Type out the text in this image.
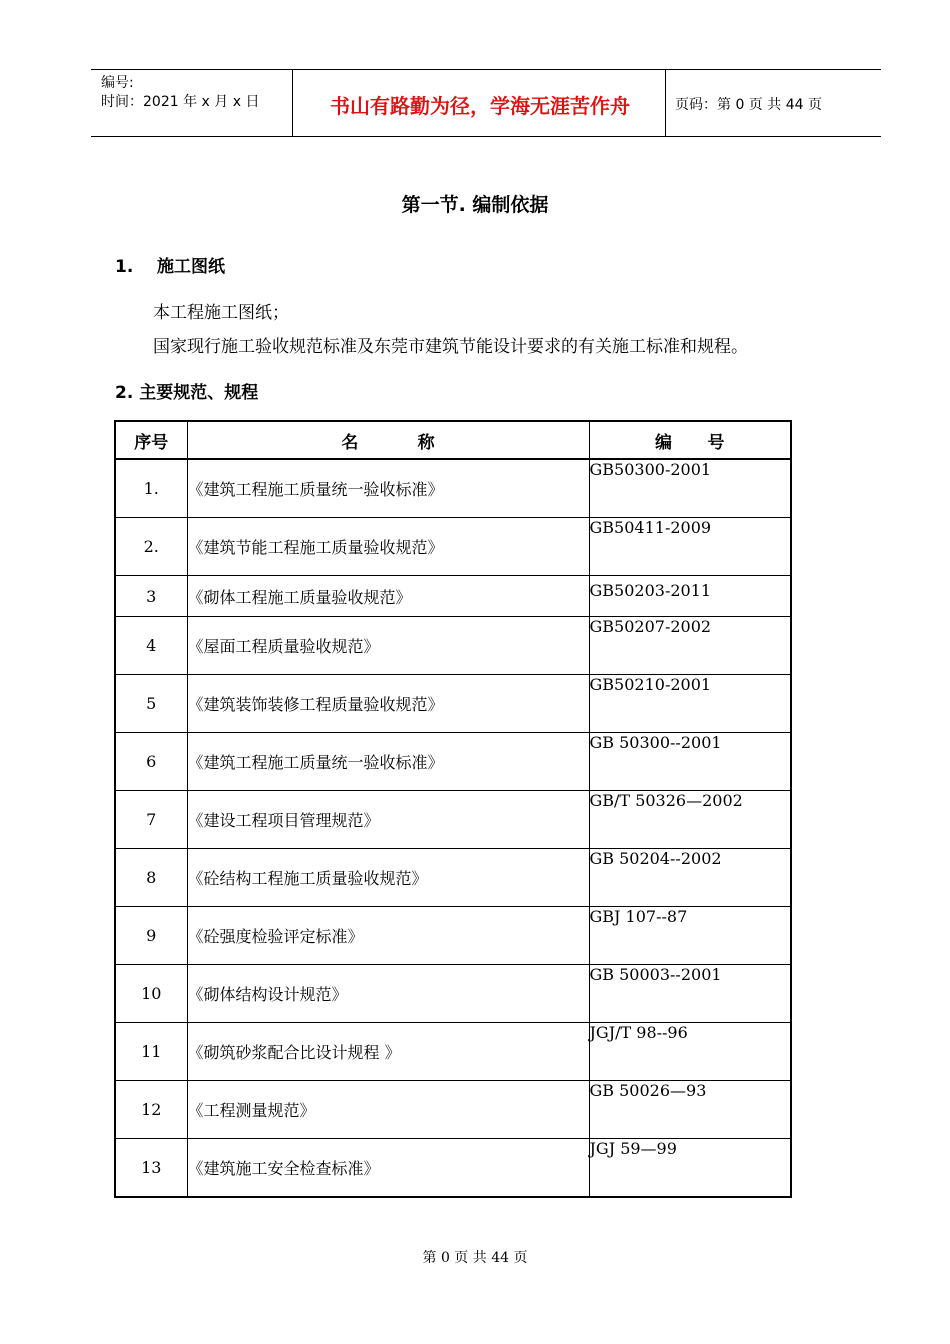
编号:
时间：2021 年 x 月 x 日	书山有路勤为径，学海无涯苦作舟	页码：第 0 页 共 44 页
第一节. 编制依据
1.    施工图纸
本工程施工图纸；
国家现行施工验收规范标准及东莞市建筑节能设计要求的有关施工标准和规程。
2. 主要规范、规程
序号	名          称	编      号
1.	《建筑工程施工质量统一验收标准》	GB50300-2001
2.	《建筑节能工程施工质量验收规范》	GB50411-2009
3	《砌体工程施工质量验收规范》	GB50203-2011
4	《屋面工程质量验收规范》	GB50207-2002
5	《建筑装饰装修工程质量验收规范》	GB50210-2001
6	《建筑工程施工质量统一验收标准》	GB 50300--2001
7	《建设工程项目管理规范》	GB/T 50326—2002
8	《砼结构工程施工质量验收规范》	GB 50204--2002
9	《砼强度检验评定标准》	GBJ 107--87
10	《砌体结构设计规范》	GB 50003--2001
11	《砌筑砂浆配合比设计规程 》	JGJ/T 98--96
12	《工程测量规范》	GB 50026—93
13	《建筑施工安全检查标准》	JGJ 59—99
第 0 页 共 44 页
